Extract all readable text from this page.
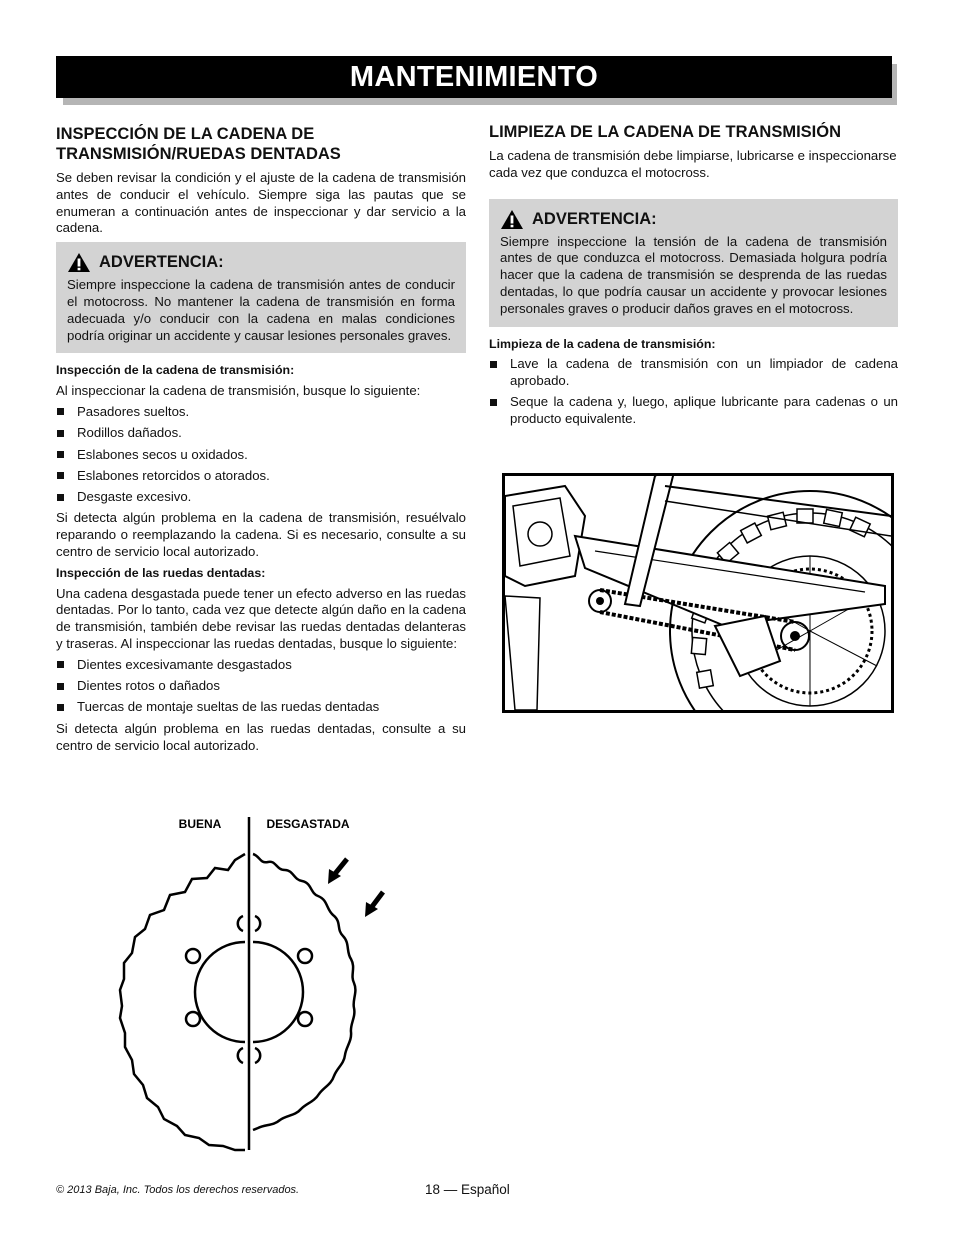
MANTENIMIENTO
INSPECCIÓN DE LA CADENA DE TRANSMISIÓN/RUEDAS DENTADAS

Se deben revisar la condición y el ajuste de la cadena de transmisión antes de conducir el vehículo. Siempre siga las pautas que se enumeran a continuación antes de inspeccionar y dar servicio a la cadena.

ADVERTENCIA:

Siempre inspeccione la cadena de transmisión antes de conducir el motocross. No mantener la cadena de transmisión en forma adecuada y/o conducir con la cadena en malas condiciones podría originar un accidente y causar lesiones personales graves.

Inspección de la cadena de transmisión:

Al inspeccionar la cadena de transmisión, busque lo siguiente:

Pasadores sueltos.
Rodillos dañados.
Eslabones secos u oxidados.
Eslabones retorcidos o atorados.
Desgaste excesivo.

Si detecta algún problema en la cadena de transmisión, resuélvalo reparando o reemplazando la cadena. Si es necesario, consulte a su centro de servicio local autorizado.

Inspección de las ruedas dentadas:

Una cadena desgastada puede tener un efecto adverso en las ruedas dentadas. Por lo tanto, cada vez que detecte algún daño en la cadena de transmisión, también debe revisar las ruedas dentadas delanteras y traseras. Al inspeccionar las ruedas dentadas, busque lo siguiente:

Dientes excesivamante desgastados
Dientes rotos o dañados
Tuercas de montaje sueltas de las ruedas dentadas

Si detecta algún problema en las ruedas dentadas, consulte a su centro de servicio local autorizado.

LIMPIEZA DE LA CADENA DE TRANSMISIÓN

La cadena de transmisión debe limpiarse, lubricarse e inspeccionarse cada vez que conduzca el motocross.

ADVERTENCIA:

Siempre inspeccione la tensión de la cadena de transmisión antes de que conduzca el motocross. Demasiada holgura podría hacer que la cadena de transmisión se desprenda de las ruedas dentadas, lo que podría causar un accidente y provocar lesiones personales graves o producir daños graves en el motocross.

Limpieza de la cadena de transmisión:
Lave la cadena de transmisión con un limpiador de cadena aprobado.
Seque la cadena y, luego, aplique lubricante para cadenas o un producto equivalente.
BUENA	DESGASTADA
© 2013 Baja, Inc. Todos los derechos reservados.	18 — Español
